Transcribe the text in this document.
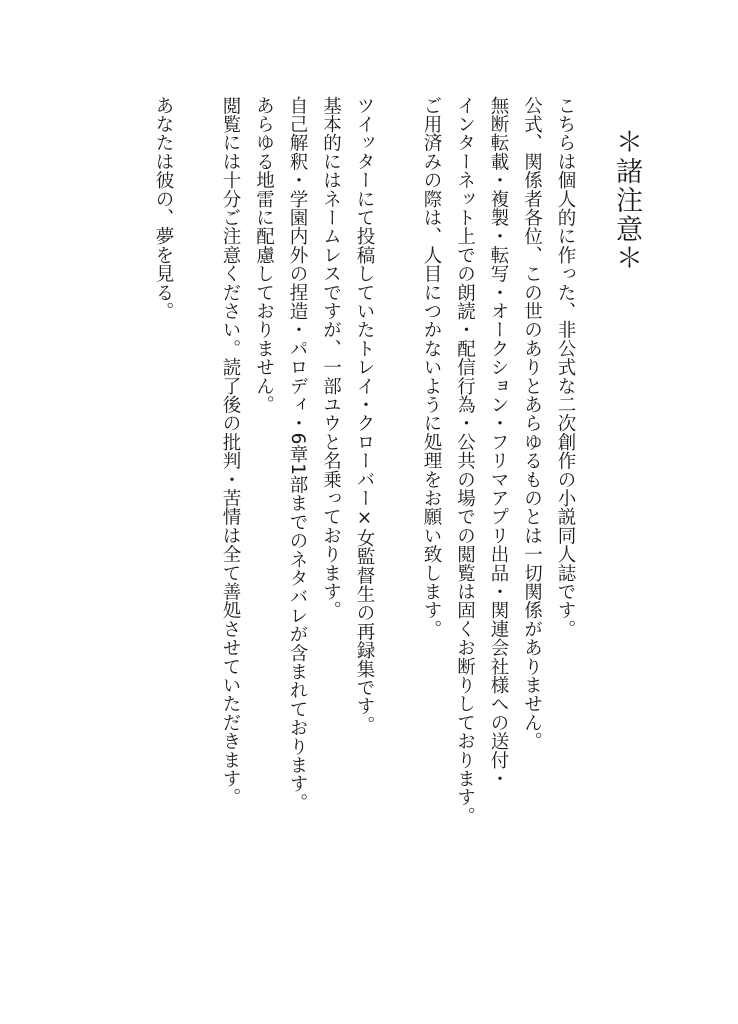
＊諸注意＊
こちらは個人的に作った、非公式な二次創作の小説同人誌です。
公式、関係者各位、この世のありとあらゆるものとは一切関係がありません。
無断転載・複製・転写・オークション・フリマアプリ出品・関連会社様への送付・
インターネット上での朗読・配信行為・公共の場での閲覧は固くお断りしております。
ご用済みの際は、人目につかないように処理をお願い致します。
ツイッターにて投稿していたトレイ・クローバー×女監督生の再録集です。
基本的にはネームレスですが、一部ユウと名乗っております。
自己解釈・学園内外の捏造・パロディ・6章1部までのネタバレが含まれております。
あらゆる地雷に配慮しておりません。
閲覧には十分ご注意ください。読了後の批判・苦情は全て善処させていただきます。
あなたは彼の、夢を見る。
